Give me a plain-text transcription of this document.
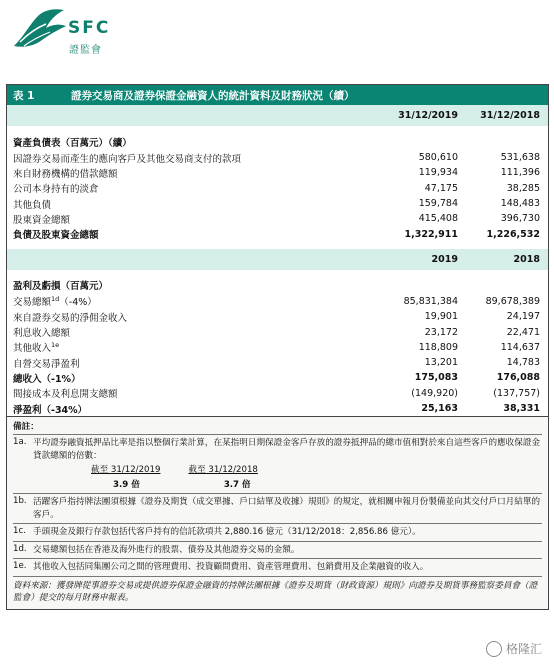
SFC
證監會
表 1	證券交易商及證券保證金融資人的統計資料及財務狀況（續）
31/12/2019	31/12/2018
資產負債表（百萬元）（續）
因證券交易而產生的應向客戶及其他交易商支付的款項	580,610	531,638
來自財務機構的借款總額	119,934	111,396
公司本身持有的淡倉	47,175	38,285
其他負債	159,784	148,483
股東資金總額	415,408	396,730
負債及股東資金總額	1,322,911	1,226,532
2019	2018
盈利及虧損（百萬元）
交易總額$^{1d}$（-4%）	85,831,384	89,678,389
來自證券交易的淨佣金收入	19,901	24,197
利息收入總額	23,172	22,471
其他收入$^{1e}$	118,809	114,637
自營交易淨盈利	13,201	14,783
總收入（-1%）	175,083	176,088
間接成本及利息開支總額	(149,920)	(137,757)
淨盈利（-34%）	25,163	38,331
備註：
1a. 平均證券融資抵押品比率是指以整個行業計算，在某指明日期保證金客戶存放的證券抵押品的總市值相對於來自這些客戶的應收保證金貸款總額的倍數：
截至 31/12/2019	截至 31/12/2018
3.9 倍	3.7 倍
1b. 活躍客戶指持牌法團須根據《證券及期貨（成交單據、戶口結單及收據）規則》的規定，就相關申報月份製備並向其交付戶口月結單的客戶。
1c. 手頭現金及銀行存款包括代客戶持有的信託款項共 2,880.16 億元（31/12/2018：2,856.86 億元）。
1d. 交易總額包括在香港及海外進行的股票、債券及其他證券交易的金額。
1e. 其他收入包括同集團公司之間的管理費用、投資顧問費用、資產管理費用、包銷費用及企業融資的收入。
資料來源：獲發牌從事證券交易或提供證券保證金融資的持牌法團根據《證券及期貨（財政資源）規則》向證券及期貨事務監察委員會（證監會）提交的每月財務申報表。
格隆汇
